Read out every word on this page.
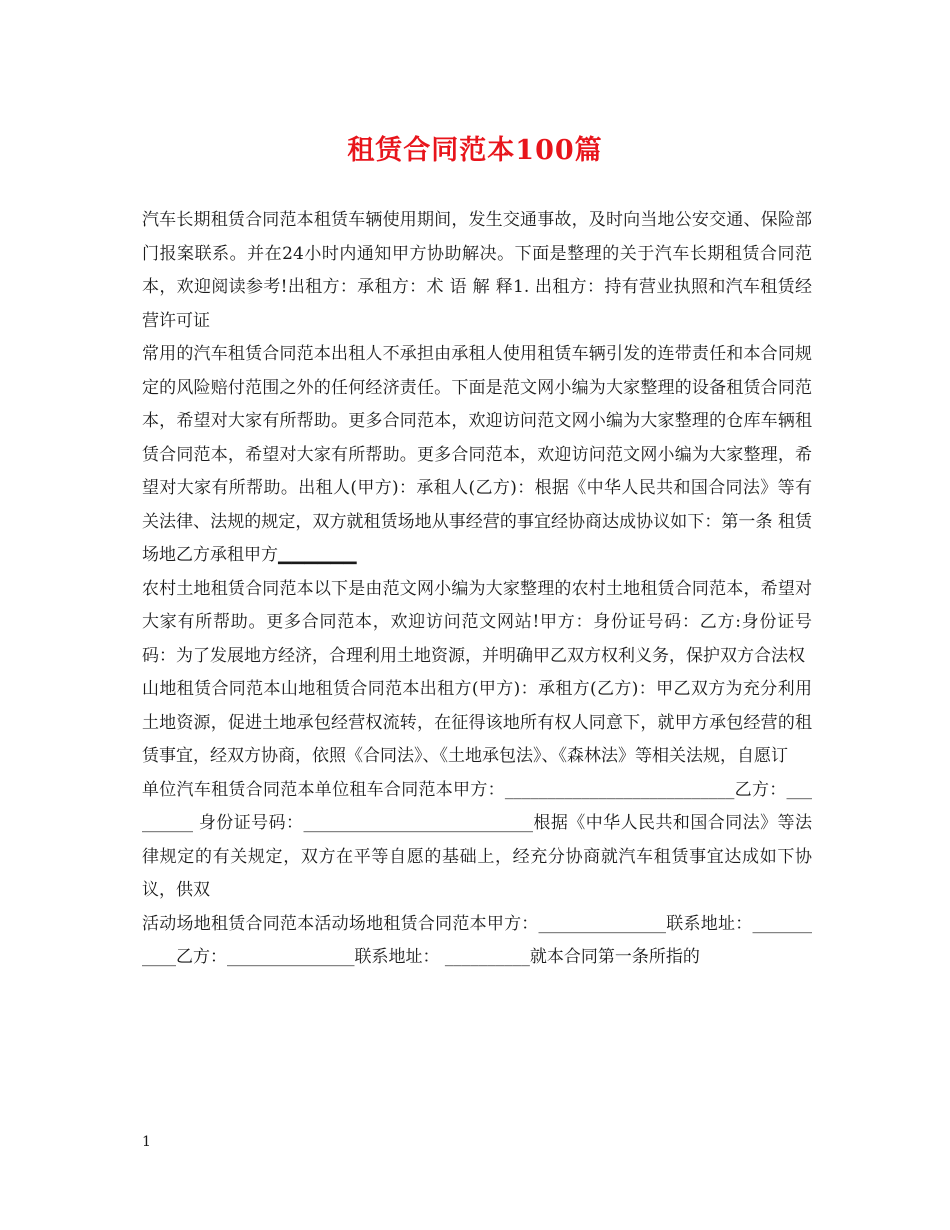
租赁合同范本100篇

汽车长期租赁合同范本租赁车辆使用期间，发生交通事故，及时向当地公安交通、保险部门报案联系。并在24小时内通知甲方协助解决。下面是整理的关于汽车长期租赁合同范本，欢迎阅读参考!出租方：承租方：术 语 解 释1. 出租方：持有营业执照和汽车租赁经营许可证

常用的汽车租赁合同范本出租人不承担由承租人使用租赁车辆引发的连带责任和本合同规定的风险赔付范围之外的任何经济责任。下面是范文网小编为大家整理的设备租赁合同范本，希望对大家有所帮助。更多合同范本，欢迎访问范文网小编为大家整理的仓库车辆租赁合同范本，希望对大家有所帮助。更多合同范本，欢迎访问范文网小编为大家整理，希望对大家有所帮助。出租人(甲方)：承租人(乙方)：根据《中华人民共和国合同法》等有关法律、法规的规定，双方就租赁场地从事经营的事宜经协商达成协议如下：第一条 租赁场地乙方承租甲方▁▁▁▁▁▁

农村土地租赁合同范本以下是由范文网小编为大家整理的农村土地租赁合同范本，希望对大家有所帮助。更多合同范本，欢迎访问范文网站!甲方：身份证号码：乙方:身份证号码：为了发展地方经济，合理利用土地资源，并明确甲乙双方权利义务，保护双方合法权

山地租赁合同范本山地租赁合同范本出租方(甲方)：承租方(乙方)：甲乙双方为充分利用土地资源，促进土地承包经营权流转，在征得该地所有权人同意下，就甲方承包经营的租赁事宜，经双方协商，依照《合同法》、《土地承包法》、《森林法》等相关法规，自愿订

单位汽车租赁合同范本单位租车合同范本甲方：___________________________乙方：_________ 身份证号码：___________________________根据《中华人民共和国合同法》等法律规定的有关规定，双方在平等自愿的基础上，经充分协商就汽车租赁事宜达成如下协议，供双

活动场地租赁合同范本活动场地租赁合同范本甲方：_______________联系地址：___________乙方：_______________联系地址： __________就本合同第一条所指的

1
